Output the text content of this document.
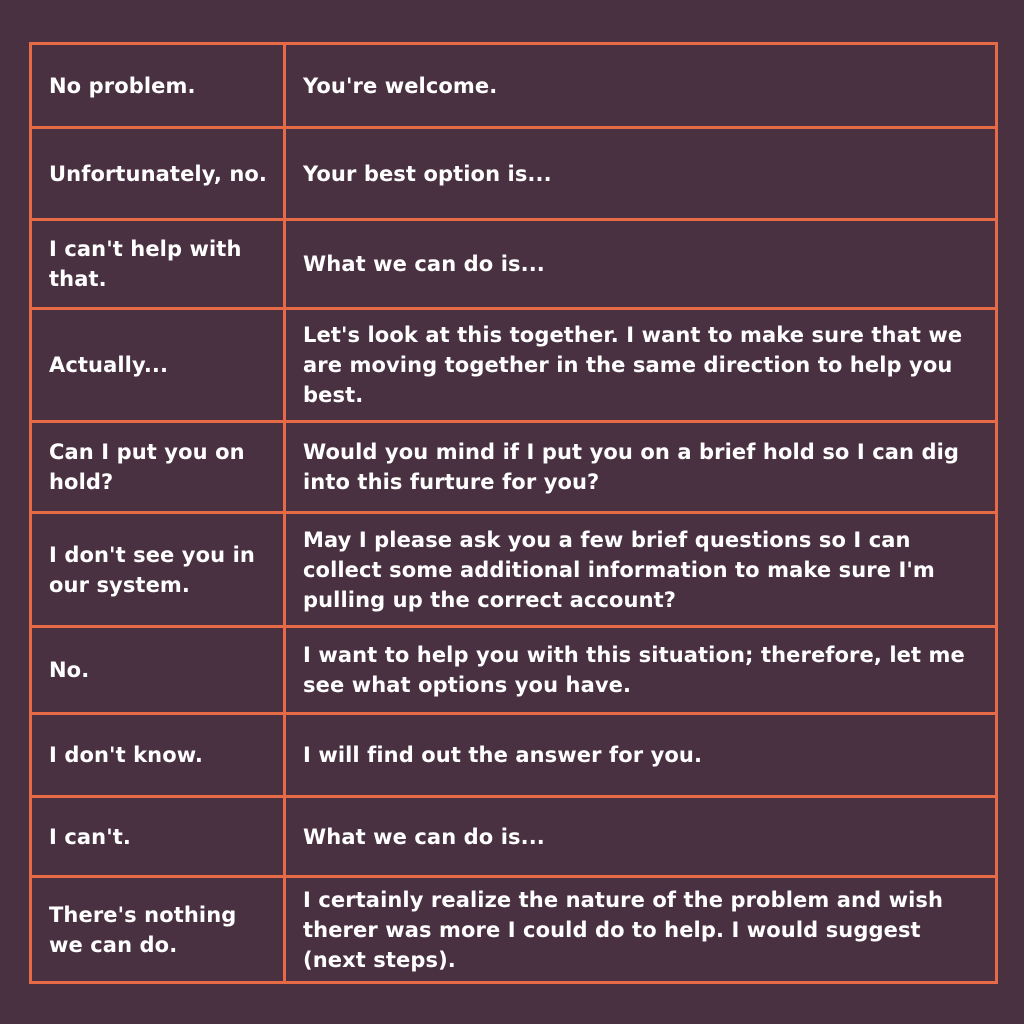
No problem.	You're welcome.
Unfortunately, no.	Your best option is...
I can't help with that.	What we can do is...
Actually...	Let's look at this together. I want to make sure that we are moving together in the same direction to help you best.
Can I put you on hold?	Would you mind if I put you on a brief hold so I can dig into this furture for you?
I don't see you in our system.	May I please ask you a few brief questions so I can collect some additional information to make sure I'm pulling up the correct account?
No.	I want to help you with this situation; therefore, let me see what options you have.
I don't know.	I will find out the answer for you.
I can't.	What we can do is...
There's nothing we can do.	I certainly realize the nature of the problem and wish therer was more I could do to help. I would suggest (next steps).
